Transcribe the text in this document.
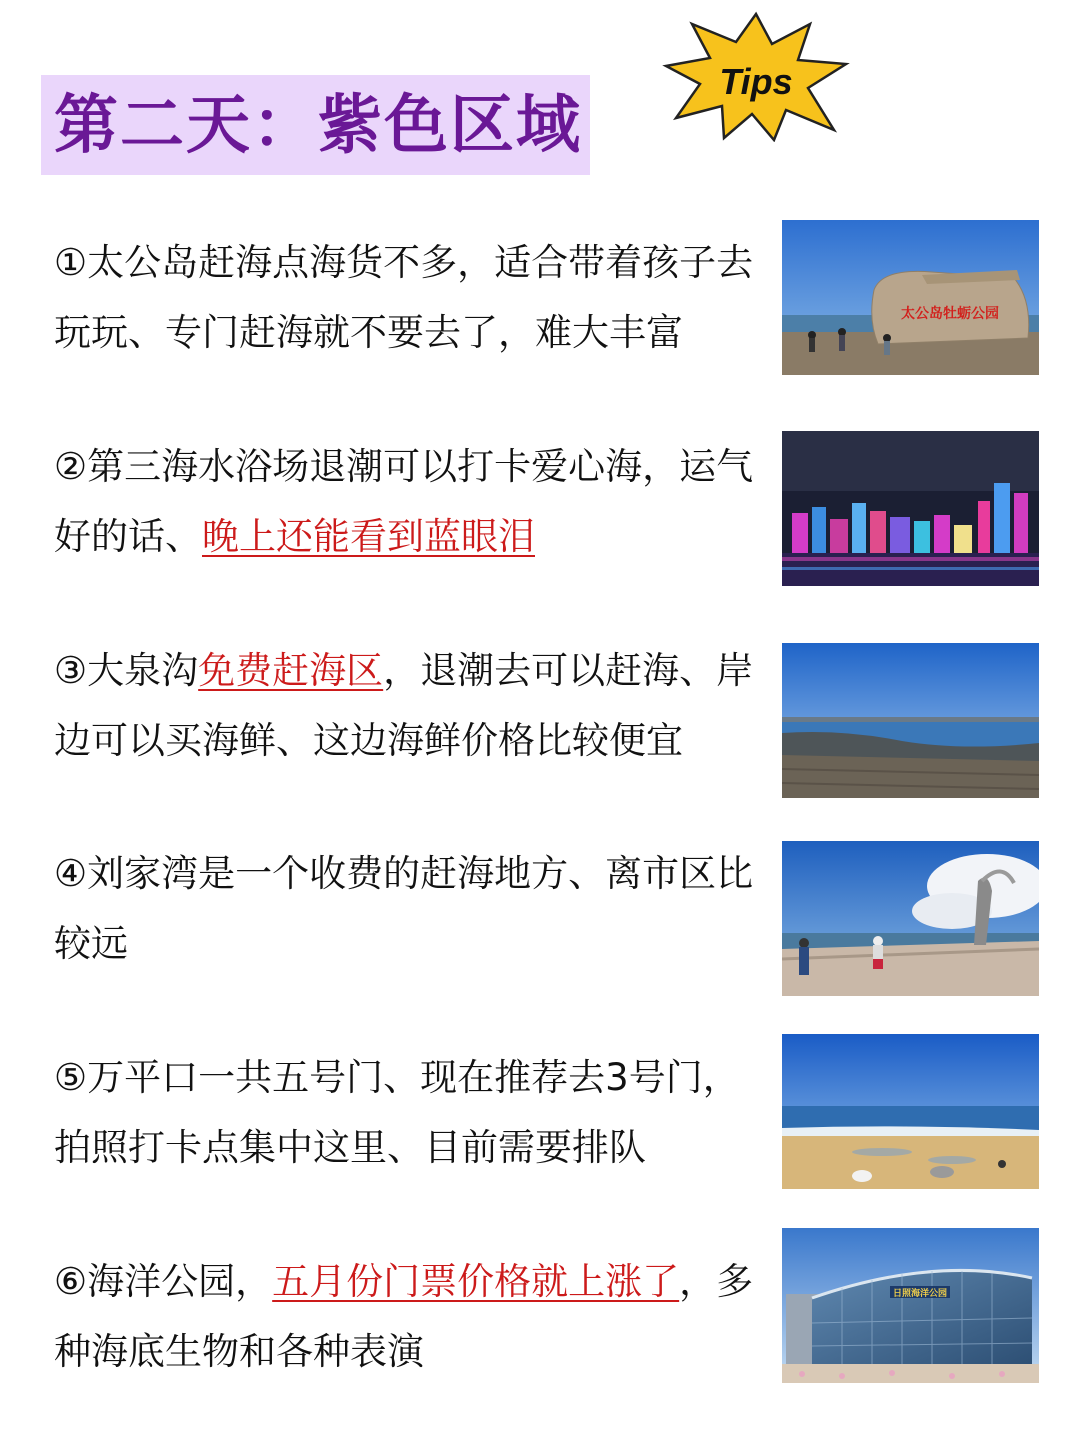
第二天：紫色区域
Tips
①太公岛赶海点海货不多，适合带着孩子去玩玩、专门赶海就不要去了，难大丰富	太公岛牡蛎公园
②第三海水浴场退潮可以打卡爱心海，运气好的话、晚上还能看到蓝眼泪
③大泉沟免费赶海区，退潮去可以赶海、岸边可以买海鲜、这边海鲜价格比较便宜
④刘家湾是一个收费的赶海地方、离市区比较远
⑤万平口一共五号门、现在推荐去3号门，拍照打卡点集中这里、目前需要排队
⑥海洋公园，五月份门票价格就上涨了，多种海底生物和各种表演
日照海洋公园
